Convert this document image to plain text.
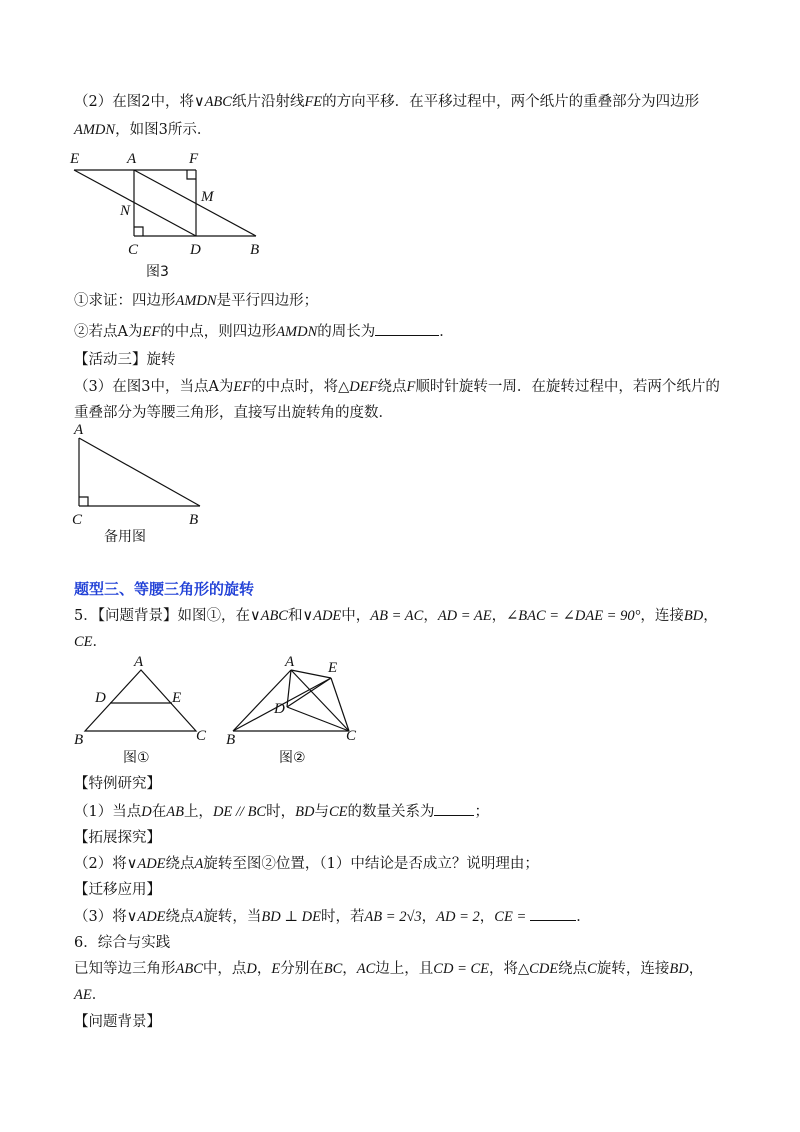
（2）在图2中，将∨ABC纸片沿射线FE的方向平移．在平移过程中，两个纸片的重叠部分为四边形
AMDN，如图3所示．
E	A	F
M
N
C	D	B
图3
A
C	B
备用图
A
D	E
B	C
图①
A E
D
B	C
图②
①求证：四边形AMDN是平行四边形；
②若点A为EF的中点，则四边形AMDN的周长为	．
【活动三】旋转
（3）在图3中，当点A为EF的中点时，将△DEF绕点F顺时针旋转一周．在旋转过程中，若两个纸片的
重叠部分为等腰三角形，直接写出旋转角的度数．
题型三、等腰三角形的旋转
5．【问题背景】如图①，在∨ABC和∨ADE中，AB = AC，AD = AE，∠BAC = ∠DAE = 90°，连接BD，
CE．
【特例研究】
（1）当点D在AB上，DE // BC时，BD与CE的数量关系为	；
【拓展探究】
（2）将∨ADE绕点A旋转至图②位置，（1）中结论是否成立？说明理由；
【迁移应用】
（3）将∨ADE绕点A旋转，当BD ⊥ DE时，若AB = 2√3，AD = 2，CE =	．
6．综合与实践
已知等边三角形ABC中，点D，E分别在BC，AC边上，且CD = CE，将△CDE绕点C旋转，连接BD，
AE．
【问题背景】
